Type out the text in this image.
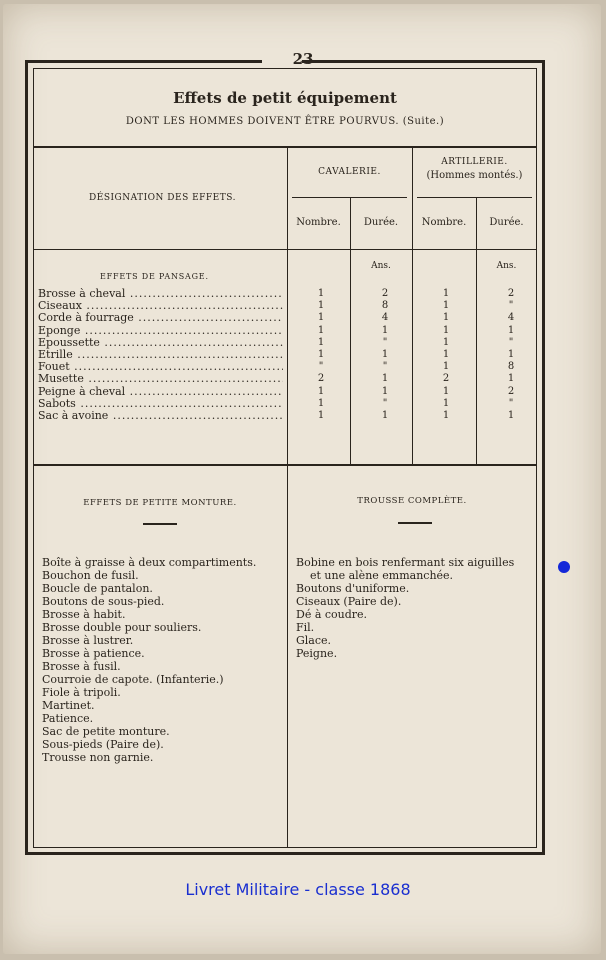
23
Effets de petit équipement
DONT LES HOMMES DOIVENT ÊTRE POURVUS. (Suite.)
DÉSIGNATION DES EFFETS.
CAVALERIE.
ARTILLERIE.
(Hommes montés.)
Nombre.	Durée.	Nombre.	Durée.
Ans.	Ans.
EFFETS DE PANSAGE.
Brosse à cheval .....	1	2	1	2
Ciseaux .....	1	8	1	"
Corde à fourrage .....	1	4	1	4
Éponge .....	1	1	1	1
Époussette .....	1	"	1	"
Étrille .....	1	1	1	1
Fouet .....	"	"	1	8
Musette .....	2	1	2	1
Peigne à cheval .....	1	1	1	2
Sabots .....	1	"	1	"
Sac à avoine .....	1	1	1	1
EFFETS DE PETITE MONTURE.	TROUSSE COMPLÈTE.
Boîte à graisse à deux compartiments.
Bouchon de fusil.
Boucle de pantalon.
Boutons de sous-pied.
Brosse à habit.
Brosse double pour souliers.
Brosse à lustrer.
Brosse à patience.
Brosse à fusil.
Courroie de capote. (Infanterie.)
Fiole à tripoli.
Martinet.
Patience.
Sac de petite monture.
Sous-pieds (Paire de).
Trousse non garnie.
Bobine en bois renfermant six aiguilles
et une alène emmanchée.
Boutons d'uniforme.
Ciseaux (Paire de).
Dé à coudre.
Fil.
Glace.
Peigne.
Livret Militaire - classe 1868
